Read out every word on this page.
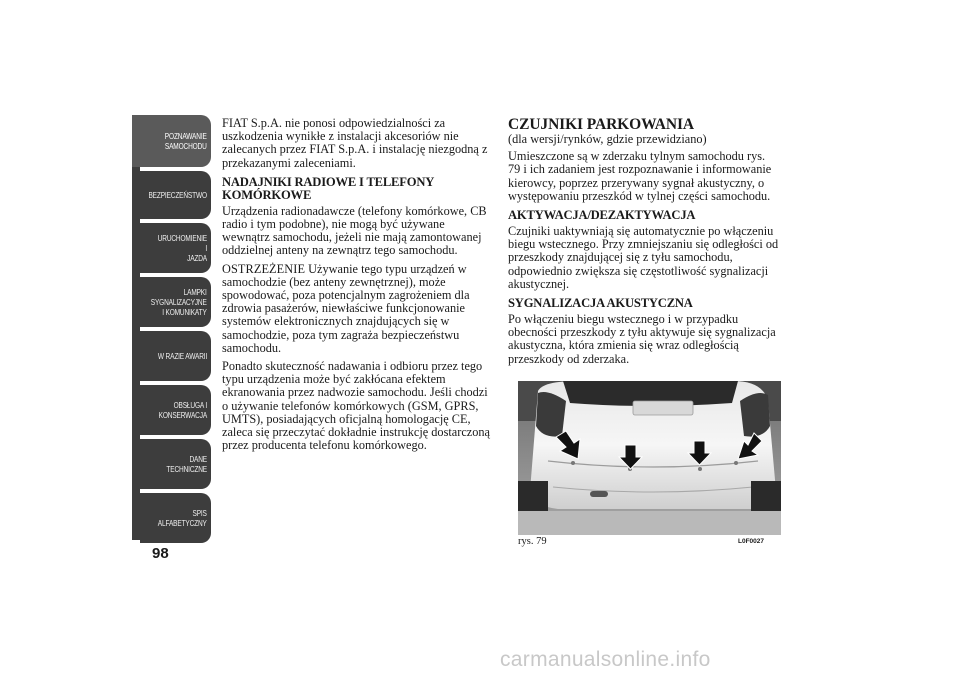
POZNAWANIE
SAMOCHODU
BEZPIECZEŃSTWO
URUCHOMIENIE I
JAZDA
LAMPKI
SYGNALIZACYJNE
I KOMUNIKATY
W RAZIE AWARII
OBSŁUGA I
KONSERWACJA
DANE
TECHNICZNE
SPIS
ALFABETYCZNY
98

FIAT S.p.A. nie ponosi odpowiedzialności za uszkodzenia wynikłe z instalacji akcesoriów nie zalecanych przez FIAT S.p.A. i instalację niezgodną z przekazanymi zaleceniami.

NADAJNIKI RADIOWE I TELEFONY KOMÓRKOWE

Urządzenia radionadawcze (telefony komórkowe, CB radio i tym podobne), nie mogą być używane wewnątrz samochodu, jeżeli nie mają zamontowanej oddzielnej anteny na zewnątrz tego samochodu.

OSTRZEŻENIE Używanie tego typu urządzeń w samochodzie (bez anteny zewnętrznej), może spowodować, poza potencjalnym zagrożeniem dla zdrowia pasażerów, niewłaściwe funkcjonowanie systemów elektronicznych znajdujących się w samochodzie, poza tym zagraża bezpieczeństwu samochodu.

Ponadto skuteczność nadawania i odbioru przez tego typu urządzenia może być zakłócana efektem ekranowania przez nadwozie samochodu. Jeśli chodzi o używanie telefonów komórkowych (GSM, GPRS, UMTS), posiadających oficjalną homologację CE, zaleca się przeczytać dokładnie instrukcję dostarczoną przez producenta telefonu komórkowego.

CZUJNIKI PARKOWANIA

(dla wersji/rynków, gdzie przewidziano)

Umieszczone są w zderzaku tylnym samochodu rys. 79 i ich zadaniem jest rozpoznawanie i informowanie kierowcy, poprzez przerywany sygnał akustyczny, o występowaniu przeszkód w tylnej części samochodu.

AKTYWACJA/DEZAKTYWACJA

Czujniki uaktywniają się automatycznie po włączeniu biegu wstecznego. Przy zmniejszaniu się odległości od przeszkody znajdującej się z tyłu samochodu, odpowiednio zwiększa się częstotliwość sygnalizacji akustycznej.

SYGNALIZACJA AKUSTYCZNA

Po włączeniu biegu wstecznego i w przypadku obecności przeszkody z tyłu aktywuje się sygnalizacja akustyczna, która zmienia się wraz odległością przeszkody od zderzaka.

rys. 79	L0F0027
carmanualsonline.info
